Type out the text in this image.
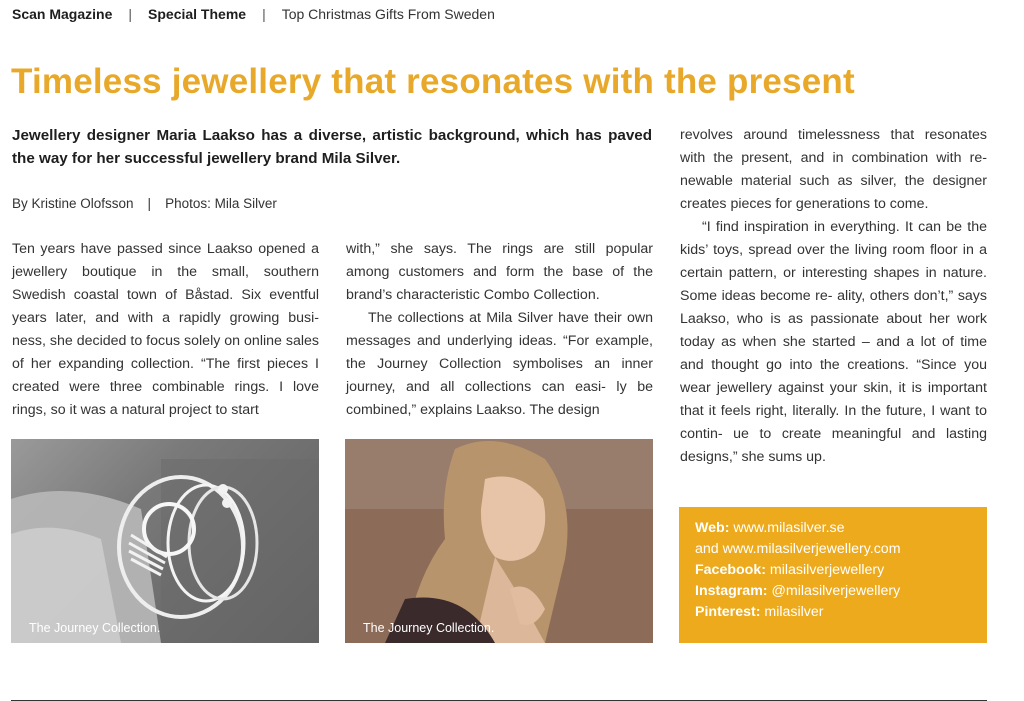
Scan Magazine | Special Theme | Top Christmas Gifts From Sweden
Timeless jewellery that resonates with the present
Jewellery designer Maria Laakso has a diverse, artistic background, which has paved the way for her successful jewellery brand Mila Silver.
By Kristine Olofsson | Photos: Mila Silver

Ten years have passed since Laakso opened a jewellery boutique in the small, southern Swedish coastal town of Båstad. Six eventful years later, and with a rapidly growing busi- ness, she decided to focus solely on online sales of her expanding collection. “The first pieces I created were three combinable rings. I love rings, so it was a natural project to start

with,” she says. The rings are still popular among customers and form the base of the brand’s characteristic Combo Collection.

The collections at Mila Silver have their own messages and underlying ideas. “For example, the Journey Collection symbolises an inner journey, and all collections can easi- ly be combined,” explains Laakso. The design

revolves around timelessness that resonates with the present, and in combination with re- newable material such as silver, the designer creates pieces for generations to come.

“I find inspiration in everything. It can be the kids’ toys, spread over the living room floor in a certain pattern, or interesting shapes in nature. Some ideas become re- ality, others don’t,” says Laakso, who is as passionate about her work today as when she started – and a lot of time and thought go into the creations. “Since you wear jewellery against your skin, it is important that it feels right, literally. In the future, I want to contin- ue to create meaningful and lasting designs,” she sums up.

The Journey Collection.	The Journey Collection.
Web: www.milasilver.se
and www.milasilverjewellery.com
Facebook: milasilverjewellery
Instagram: @milasilverjewellery
Pinterest: milasilver
